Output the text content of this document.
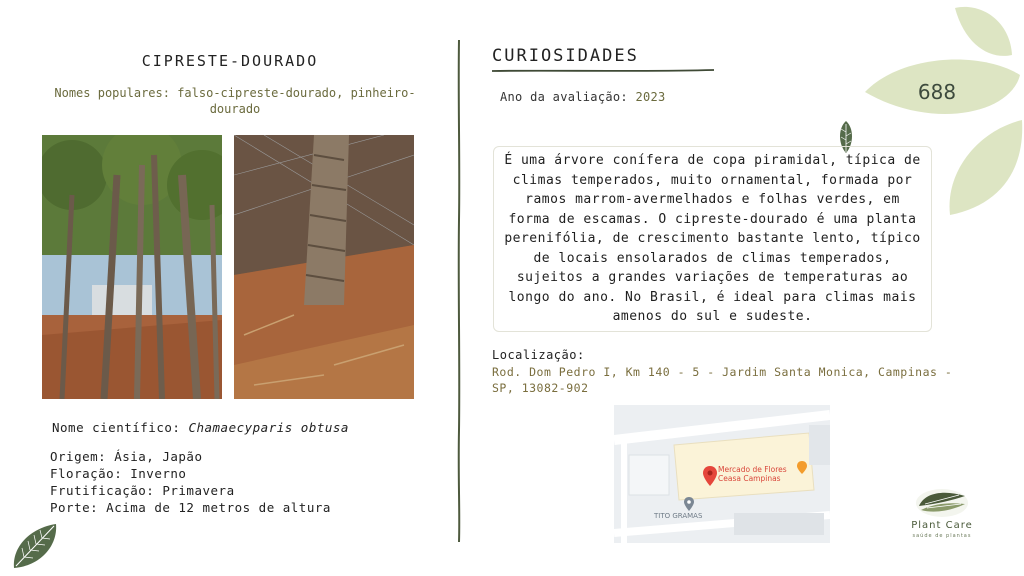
CIPRESTE-DOURADO
Nomes populares: falso-cipreste-dourado, pinheiro-dourado
Nome científico: Chamaecyparis obtusa
Origem: Ásia, Japão
Floração: Inverno
Frutificação: Primavera
Porte: Acima de 12 metros de altura
CURIOSIDADES
Ano da avaliação: 2023
É uma árvore conífera de copa piramidal, típica de climas temperados, muito ornamental, formada por ramos marrom-avermelhados e folhas verdes, em forma de escamas. O cipreste-dourado é uma planta perenifólia, de crescimento bastante lento, típico de locais ensolarados de climas temperados, sujeitos a grandes variações de temperaturas ao longo do ano. No Brasil, é ideal para climas mais amenos do sul e sudeste.
Localização:
Rod. Dom Pedro I, Km 140 - 5 - Jardim Santa Monica, Campinas - SP, 13082-902
Mercado de Flores Ceasa Campinas
TITO GRAMAS
688
Plant Care
saúde de plantas
